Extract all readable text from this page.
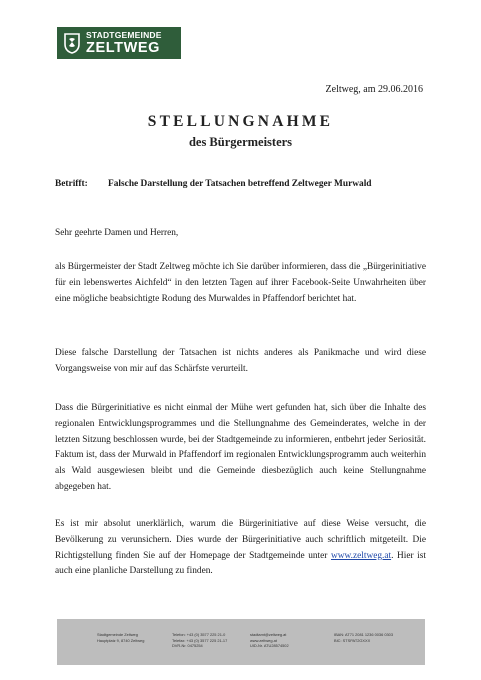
STADTGEMEINDE
ZELTWEG
Zeltweg, am 29.06.2016
STELLUNGNAHME
des Bürgermeisters
Betrifft: Falsche Darstellung der Tatsachen betreffend Zeltweger Murwald
Sehr geehrte Damen und Herren,
als Bürgermeister der Stadt Zeltweg möchte ich Sie darüber informieren, dass die „Bürgerinitiative für ein lebenswertes Aichfeld“ in den letzten Tagen auf ihrer Facebook-Seite Unwahrheiten über eine mögliche beabsichtigte Rodung des Murwaldes in Pfaffendorf berichtet hat.
Diese falsche Darstellung der Tatsachen ist nichts anderes als Panikmache und wird diese Vorgangsweise von mir auf das Schärfste verurteilt.
Dass die Bürgerinitiative es nicht einmal der Mühe wert gefunden hat, sich über die Inhalte des regionalen Entwicklungsprogrammes und die Stellungnahme des Gemeinderates, welche in der letzten Sitzung beschlossen wurde, bei der Stadtgemeinde zu informieren, entbehrt jeder Seriosität. Faktum ist, dass der Murwald in Pfaffendorf im regionalen Entwicklungsprogramm auch weiterhin als Wald ausgewiesen bleibt und die Gemeinde diesbezüglich auch keine Stellungnahme abgegeben hat.
Es ist mir absolut unerklärlich, warum die Bürgerinitiative auf diese Weise versucht, die Bevölkerung zu verunsichern. Dies wurde der Bürgerinitiative auch schriftlich mitgeteilt. Die Richtigstellung finden Sie auf der Homepage der Stadtgemeinde unter www.zeltweg.at. Hier ist auch eine planliche Darstellung zu finden.
Stadtgemeinde Zeltweg
Hauptplatz 9, 8740 Zeltweg
Telefon: +43 (0) 3577 225 21-0
Telefax: +43 (0) 3577 225 21-17
DVR-Nr. 0475254
stadtamt@zeltweg.at
www.zeltweg.at
UID-Nr. ATU28574502
IBAN: AT71 2081 1236 0036 0303
BIC: STSPAT2GXXX
